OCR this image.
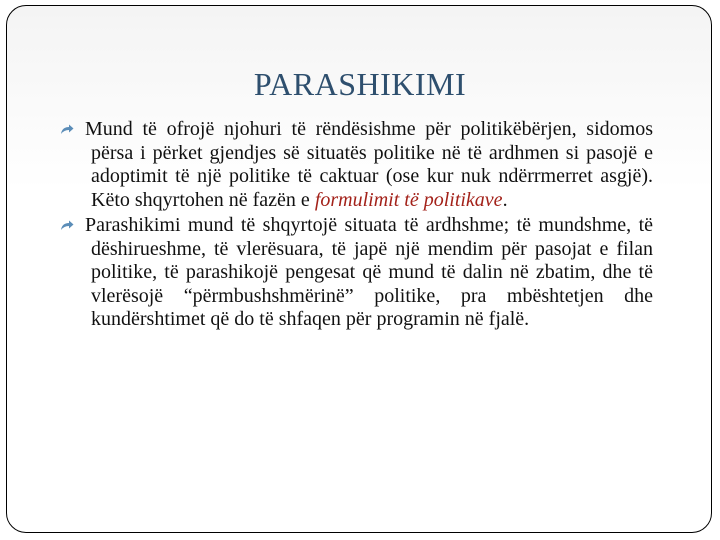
PARASHIKIMI

Mund të ofrojë njohuri të rëndësishme për politikëbërjen, sidomos përsa i përket gjendjes së situatës politike në të ardhmen si pasojë e adoptimit të një politike të caktuar (ose kur nuk ndërrmerret asgjë). Këto shqyrtohen në fazën e formulimit të politikave.

Parashikimi mund të shqyrtojë situata të ardhshme; të mundshme, të dëshirueshme, të vlerësuara, të japë një mendim për pasojat e filan politike, të parashikojë pengesat që mund të dalin në zbatim, dhe të vlerësojë “përmbushshmërinë” politike, pra mbështetjen dhe kundërshtimet që do të shfaqen për programin në fjalë.
